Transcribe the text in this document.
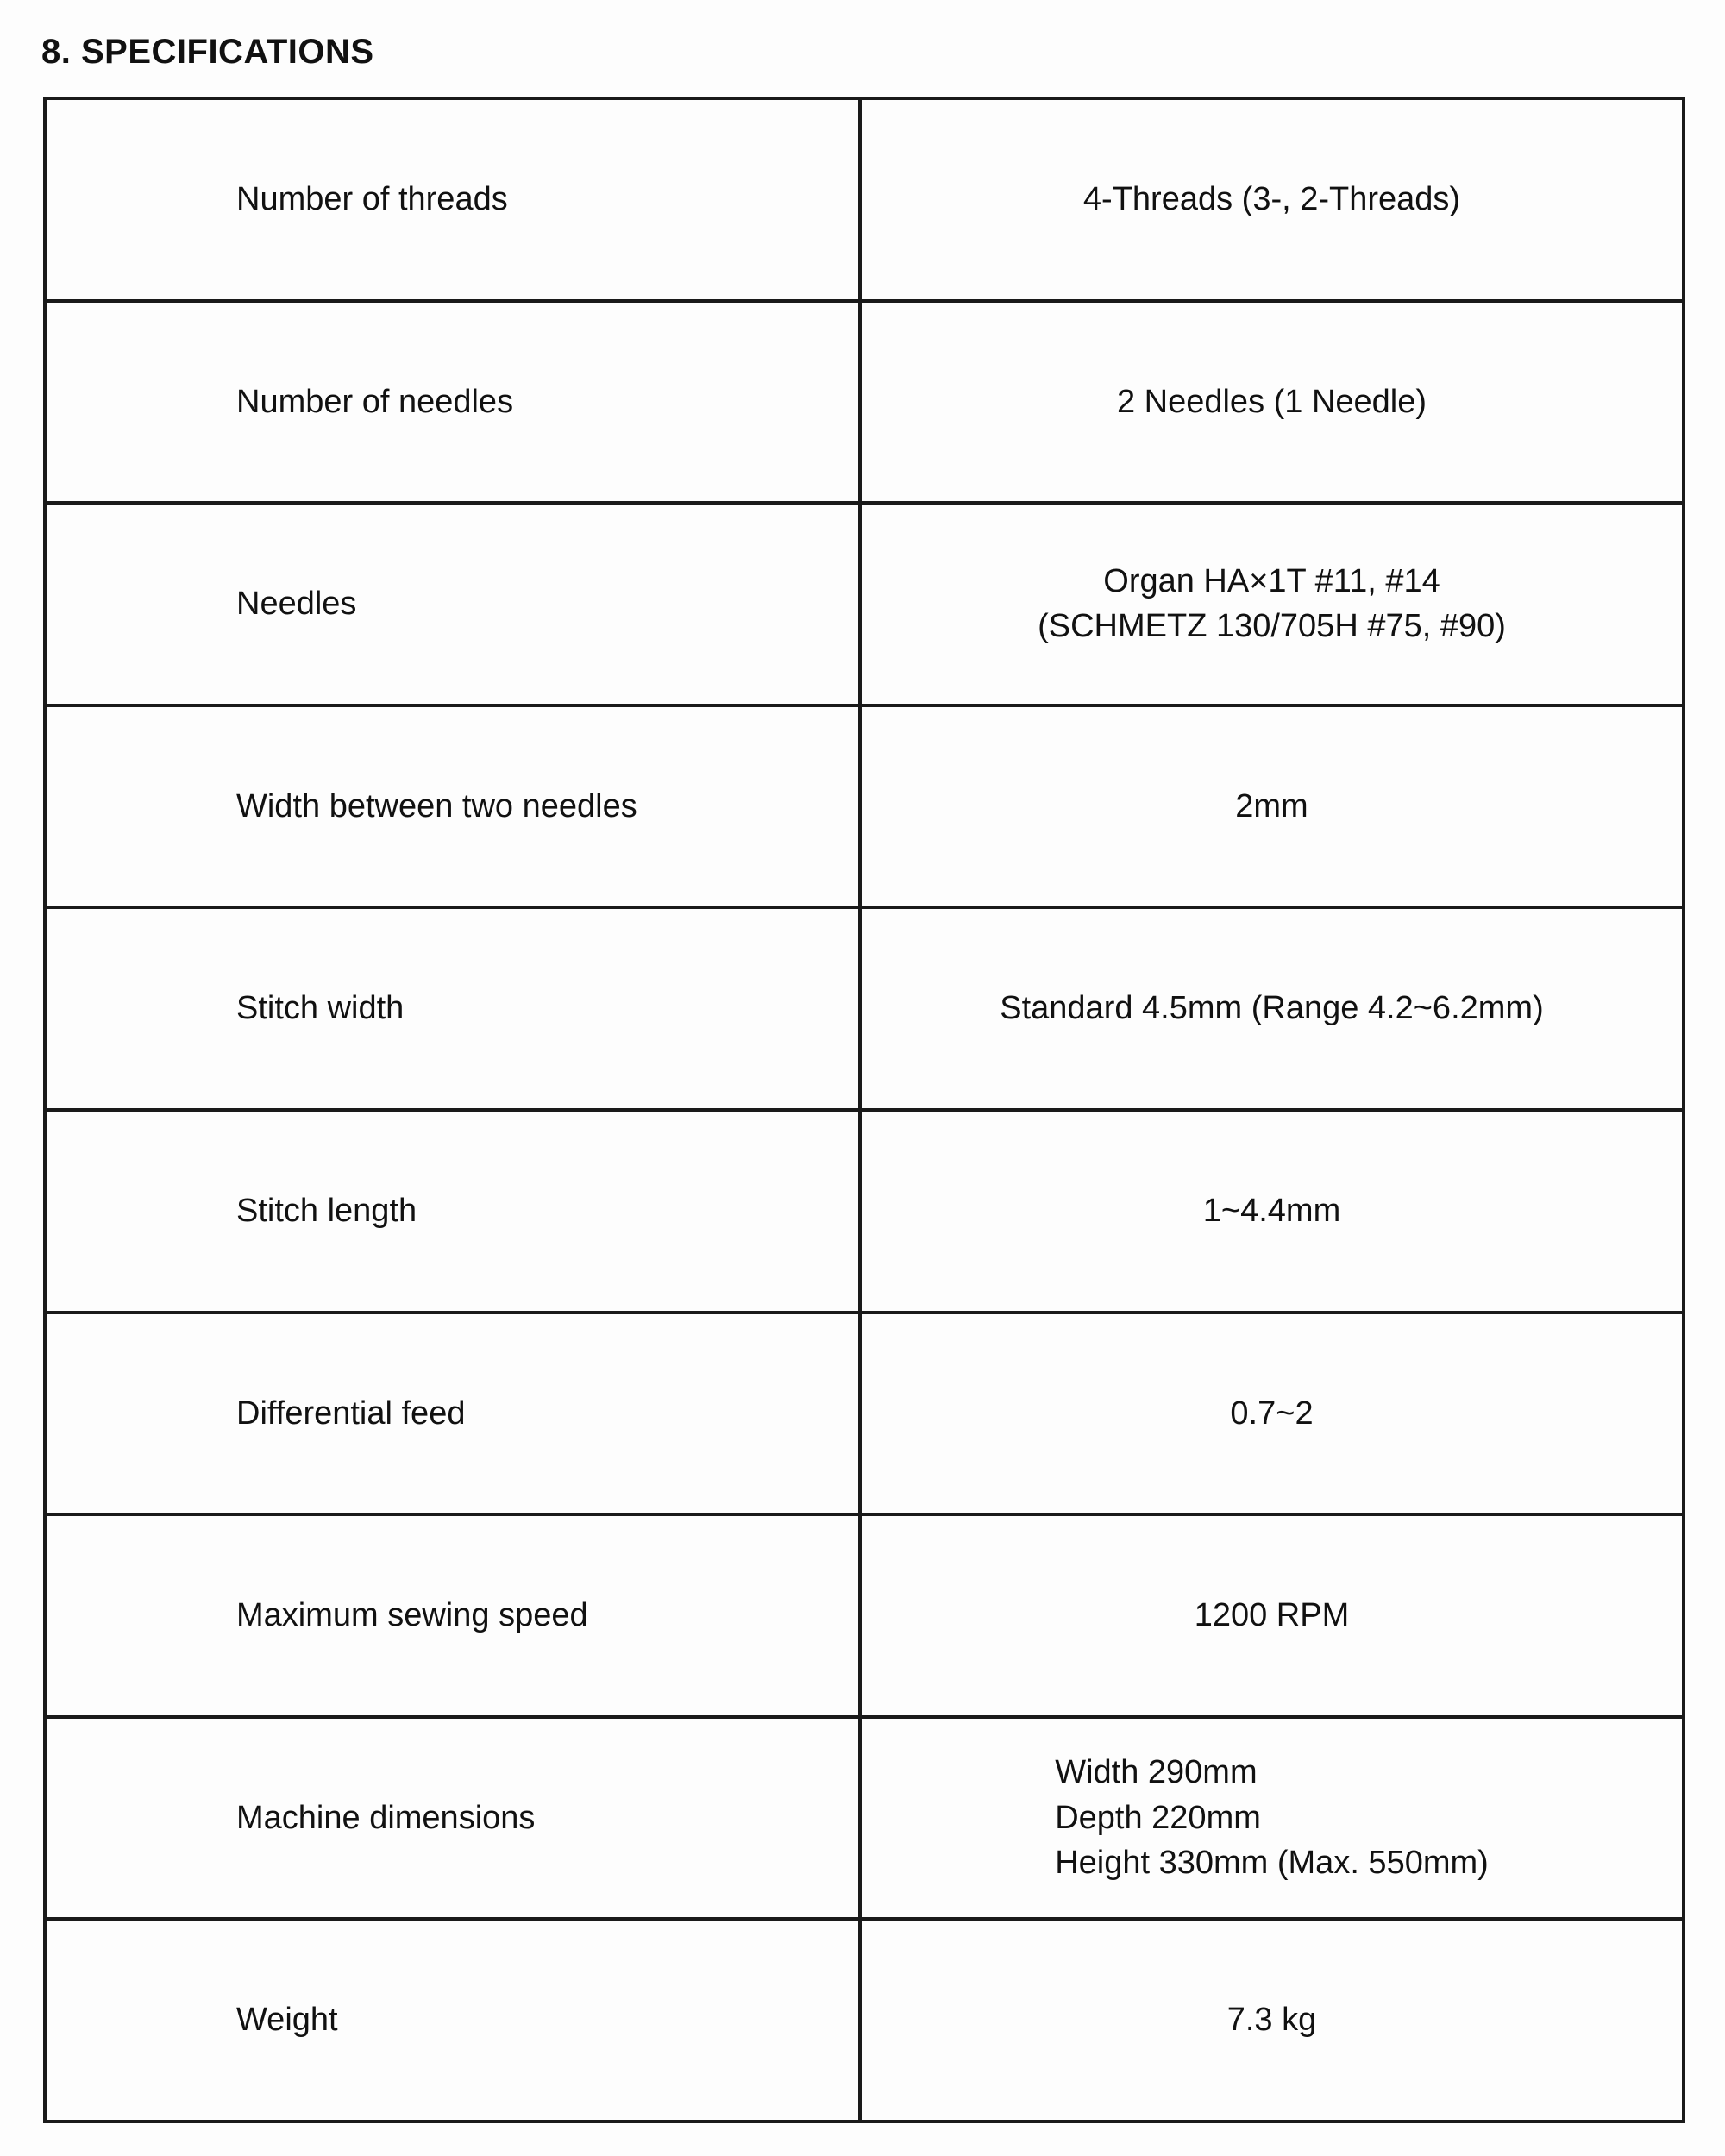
8. SPECIFICATIONS
Number of threads	4-Threads (3-, 2-Threads)

Number of needles	2 Needles (1 Needle)

Needles	Organ HA×1T #11, #14
(SCHMETZ 130/705H #75, #90)

Width between two needles	2mm

Stitch width	Standard 4.5mm (Range 4.2~6.2mm)

Stitch length	1~4.4mm

Differential feed	0.7~2

Maximum sewing speed	1200 RPM

Machine dimensions	Width 290mm
Depth 220mm
Height 330mm (Max. 550mm)

Weight	7.3 kg
